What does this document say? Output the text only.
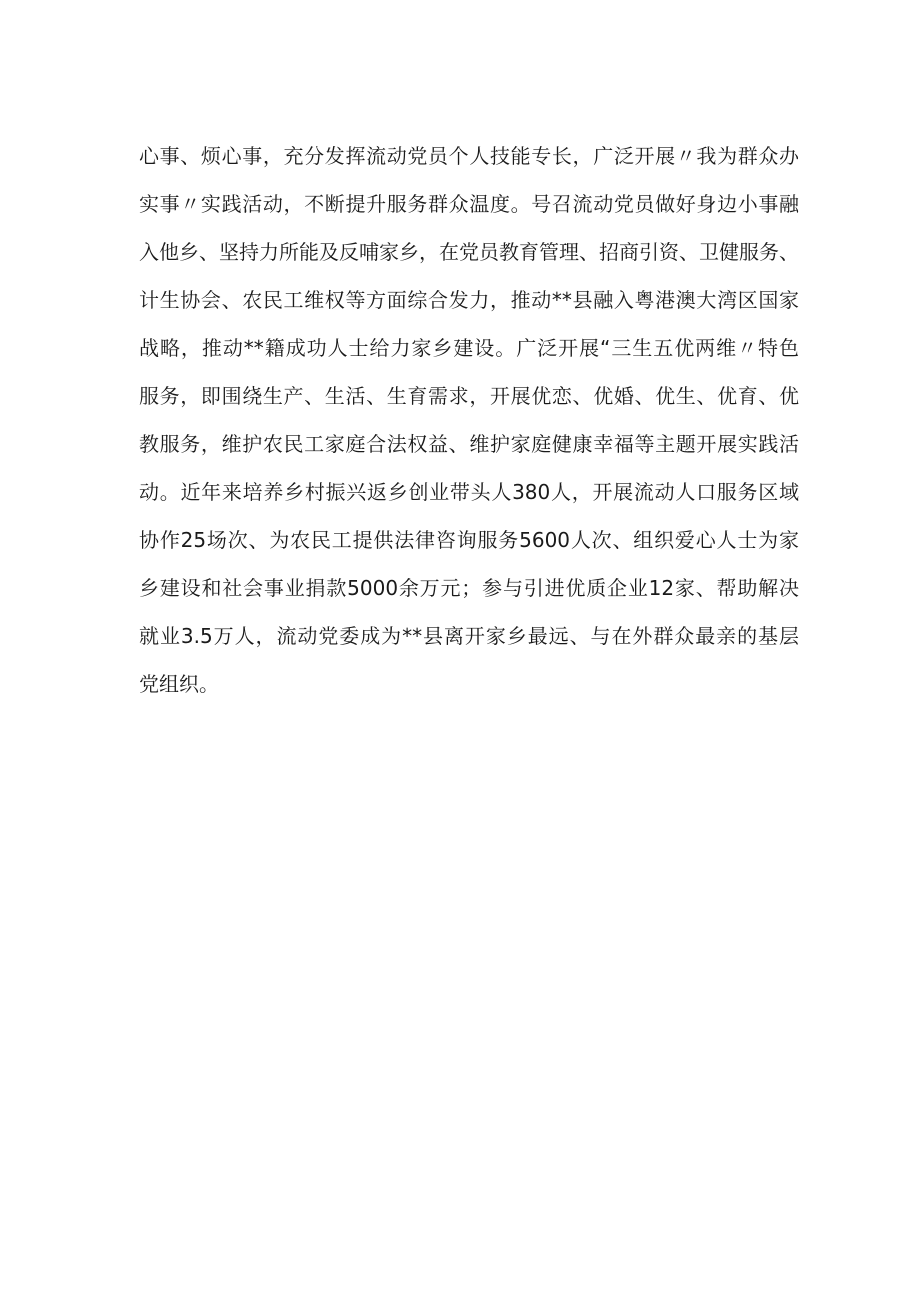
心事、烦心事，充分发挥流动党员个人技能专长，广泛开展〃我为群众办
实事〃实践活动，不断提升服务群众温度。号召流动党员做好身边小事融
入他乡、坚持力所能及反哺家乡，在党员教育管理、招商引资、卫健服务、
计生协会、农民工维权等方面综合发力，推动**县融入粤港澳大湾区国家
战略，推动**籍成功人士给力家乡建设。广泛开展“三生五优两维〃特色
服务，即围绕生产、生活、生育需求，开展优恋、优婚、优生、优育、优
教服务，维护农民工家庭合法权益、维护家庭健康幸福等主题开展实践活
动。近年来培养乡村振兴返乡创业带头人380人，开展流动人口服务区域
协作25场次、为农民工提供法律咨询服务5600人次、组织爱心人士为家
乡建设和社会事业捐款5000余万元；参与引进优质企业12家、帮助解决
就业3.5万人，流动党委成为**县离开家乡最远、与在外群众最亲的基层
党组织。
